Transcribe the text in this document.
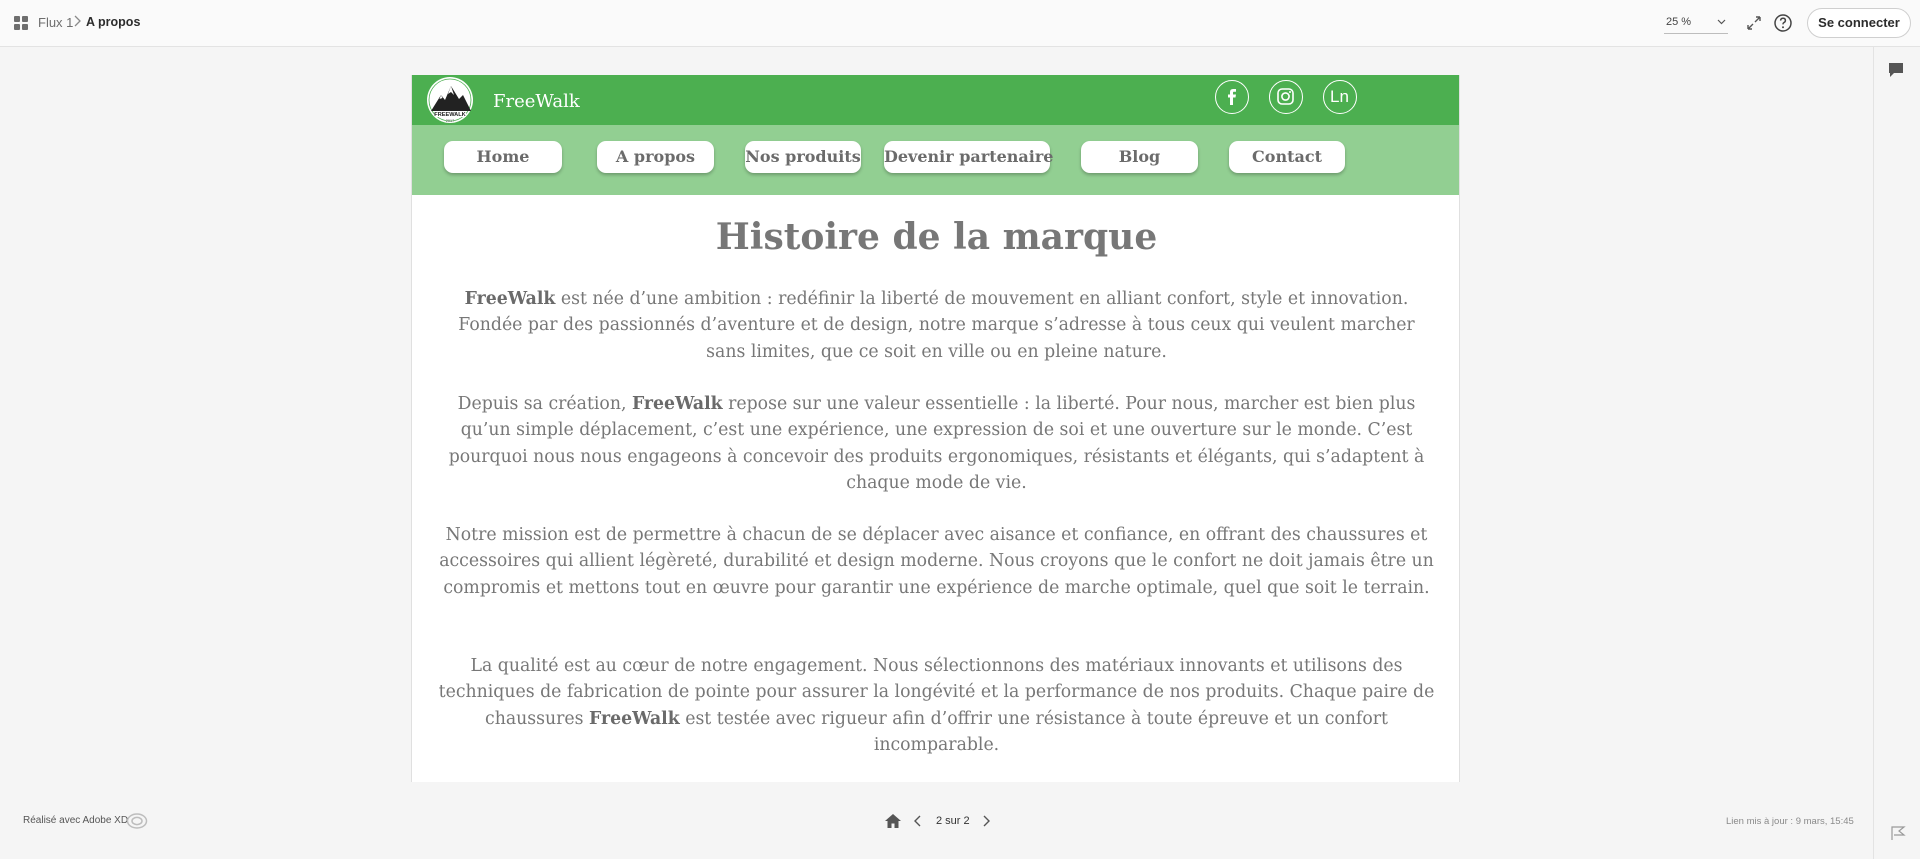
Flux 1 A propos	25 %	Se connecter
FREEWALK
2017
FreeWalk	Ln
Home	A propos	Nos produits Devenir partenaire	Blog	Contact
Histoire de la marque
FreeWalk est née d’une ambition : redéfinir la liberté de mouvement en alliant confort, style et innovation. Fondée par des passionnés d’aventure et de design, notre marque s’adresse à tous ceux qui veulent marcher sans limites, que ce soit en ville ou en pleine nature.
Depuis sa création, FreeWalk repose sur une valeur essentielle : la liberté. Pour nous, marcher est bien plus qu’un simple déplacement, c’est une expérience, une expression de soi et une ouverture sur le monde. C’est pourquoi nous nous engageons à concevoir des produits ergonomiques, résistants et élégants, qui s’adaptent à chaque mode de vie.
Notre mission est de permettre à chacun de se déplacer avec aisance et confiance, en offrant des chaussures et accessoires qui allient légèreté, durabilité et design moderne. Nous croyons que le confort ne doit jamais être un compromis et mettons tout en œuvre pour garantir une expérience de marche optimale, quel que soit le terrain.
La qualité est au cœur de notre engagement. Nous sélectionnons des matériaux innovants et utilisons des techniques de fabrication de pointe pour assurer la longévité et la performance de nos produits. Chaque paire de chaussures FreeWalk est testée avec rigueur afin d’offrir une résistance à toute épreuve et un confort incomparable.
Réalisé avec Adobe XD	2 sur 2	Lien mis à jour : 9 mars, 15:45
